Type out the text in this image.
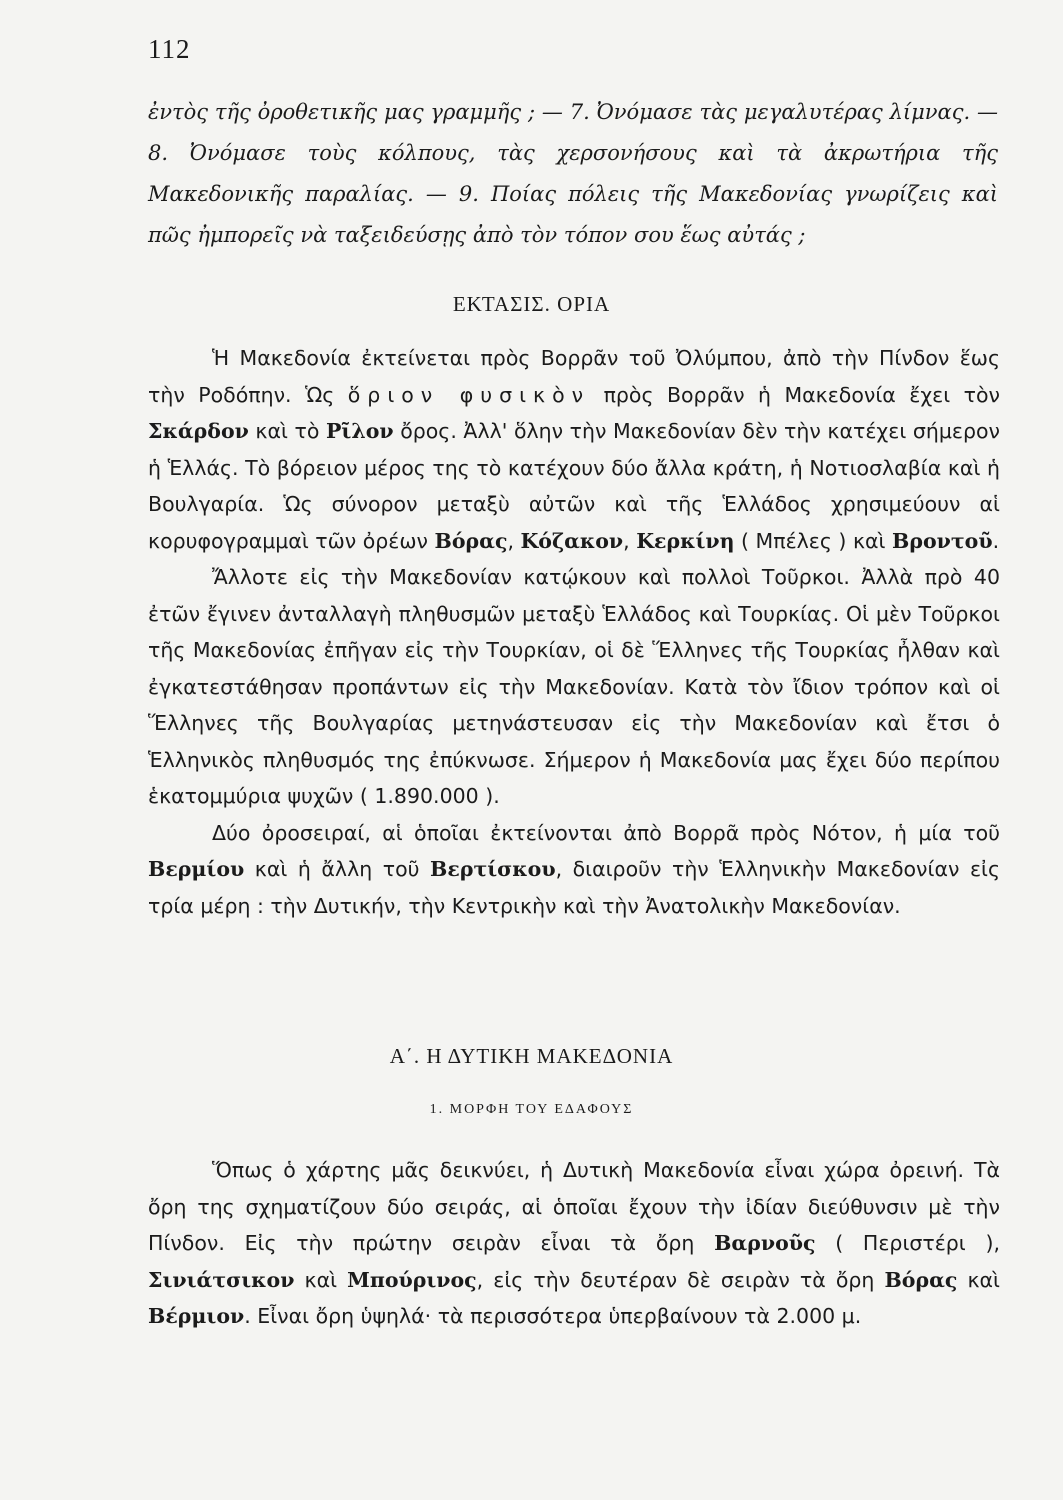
112
ἐντὸς τῆς ὀροθετικῆς μας γραμμῆς ; — 7. Ὀνόμασε τὰς μεγαλυτέρας λίμνας. — 8. Ὀνόμασε τοὺς κόλπους, τὰς χερσονήσους καὶ τὰ ἀκρωτήρια τῆς Μακεδονικῆς παραλίας. — 9. Ποίας πόλεις τῆς Μακεδονίας γνωρίζεις καὶ πῶς ἠμπορεῖς νὰ ταξειδεύσῃς ἀπὸ τὸν τόπον σου ἕως αὐτάς ;
ΕΚΤΑΣΙΣ. ΟΡΙΑ

Ἡ Μακεδονία ἐκτείνεται πρὸς Βορρᾶν τοῦ Ὀλύμπου, ἀπὸ τὴν Πίνδον ἕως τὴν Ροδόπην. Ὡς ὅριον φυσικὸν πρὸς Βορρᾶν ἡ Μακεδονία ἔχει τὸν Σκάρδον καὶ τὸ Ρῖλον ὄρος. Ἀλλ' ὅλην τὴν Μακεδονίαν δὲν τὴν κατέχει σήμερον ἡ Ἑλλάς. Τὸ βόρειον μέρος της τὸ κατέχουν δύο ἄλλα κράτη, ἡ Νοτιοσλαβία καὶ ἡ Βουλγαρία. Ὡς σύνορον μεταξὺ αὐτῶν καὶ τῆς Ἑλλάδος χρησιμεύουν αἱ κορυφογραμμαὶ τῶν ὀρέων Βόρας, Κόζακον, Κερκίνη ( Μπέλες ) καὶ Βροντοῦ.

Ἄλλοτε εἰς τὴν Μακεδονίαν κατῴκουν καὶ πολλοὶ Τοῦρκοι. Ἀλλὰ πρὸ 40 ἐτῶν ἔγινεν ἀνταλλαγὴ πληθυσμῶν μεταξὺ Ἑλλάδος καὶ Τουρκίας. Οἱ μὲν Τοῦρκοι τῆς Μακεδονίας ἐπῆγαν εἰς τὴν Τουρκίαν, οἱ δὲ Ἕλληνες τῆς Τουρκίας ἦλθαν καὶ ἐγκατεστάθησαν προπάντων εἰς τὴν Μακεδονίαν. Κατὰ τὸν ἴδιον τρόπον καὶ οἱ Ἕλληνες τῆς Βουλγαρίας μετηνάστευσαν εἰς τὴν Μακεδονίαν καὶ ἔτσι ὁ Ἑλληνικὸς πληθυσμός της ἐπύκνωσε. Σήμερον ἡ Μακεδονία μας ἔχει δύο περίπου ἑκατομμύρια ψυχῶν ( 1.890.000 ).

Δύο ὀροσειραί, αἱ ὁποῖαι ἐκτείνονται ἀπὸ Βορρᾶ πρὸς Νότον, ἡ μία τοῦ Βερμίου καὶ ἡ ἄλλη τοῦ Βερτίσκου, διαιροῦν τὴν Ἑλληνικὴν Μακεδονίαν εἰς τρία μέρη : τὴν Δυτικήν, τὴν Κεντρικὴν καὶ τὴν Ἀνατολικὴν Μακεδονίαν.

Α΄. Η ΔΥΤΙΚΗ ΜΑΚΕΔΟΝΙΑ
1. ΜΟΡΦΗ ΤΟΥ ΕΔΑΦΟΥΣ

Ὅπως ὁ χάρτης μᾶς δεικνύει, ἡ Δυτικὴ Μακεδονία εἶναι χώρα ὀρεινή. Τὰ ὄρη της σχηματίζουν δύο σειράς, αἱ ὁποῖαι ἔχουν τὴν ἰδίαν διεύθυνσιν μὲ τὴν Πίνδον. Εἰς τὴν πρώτην σειρὰν εἶναι τὰ ὄρη Βαρνοῦς ( Περιστέρι ), Σινιάτσικον καὶ Μπούρινος, εἰς τὴν δευτέραν δὲ σειρὰν τὰ ὄρη Βόρας καὶ Βέρμιον. Εἶναι ὄρη ὑψηλά· τὰ περισσότερα ὑπερβαίνουν τὰ 2.000 μ.
